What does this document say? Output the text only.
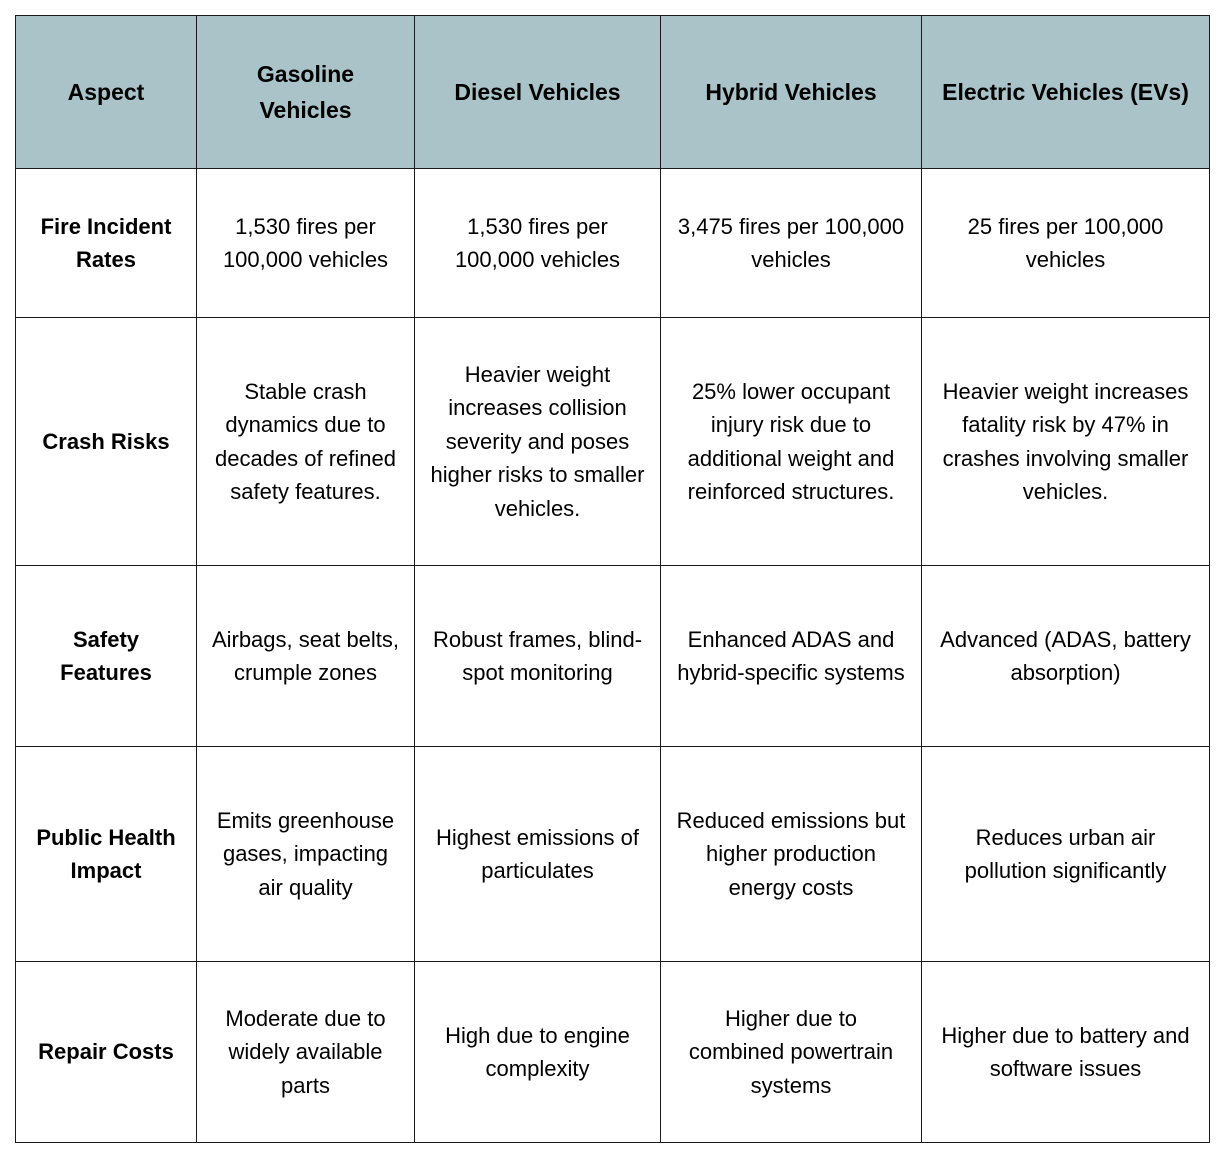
Aspect	Gasoline Vehicles	Diesel Vehicles	Hybrid Vehicles	Electric Vehicles (EVs)
Fire Incident Rates	1,530 fires per 100,000 vehicles	1,530 fires per 100,000 vehicles	3,475 fires per 100,000 vehicles	25 fires per 100,000 vehicles
Crash Risks	Stable crash dynamics due to decades of refined safety features.	Heavier weight increases collision severity and poses higher risks to smaller vehicles.	25% lower occupant injury risk due to additional weight and reinforced structures.	Heavier weight increases fatality risk by 47% in crashes involving smaller vehicles.
Safety Features	Airbags, seat belts, crumple zones	Robust frames, blind-spot monitoring	Enhanced ADAS and hybrid-specific systems	Advanced (ADAS, battery absorption)
Public Health Impact	Emits greenhouse gases, impacting air quality	Highest emissions of particulates	Reduced emissions but higher production energy costs	Reduces urban air pollution significantly
Repair Costs	Moderate due to widely available parts	High due to engine complexity	Higher due to combined powertrain systems	Higher due to battery and software issues
